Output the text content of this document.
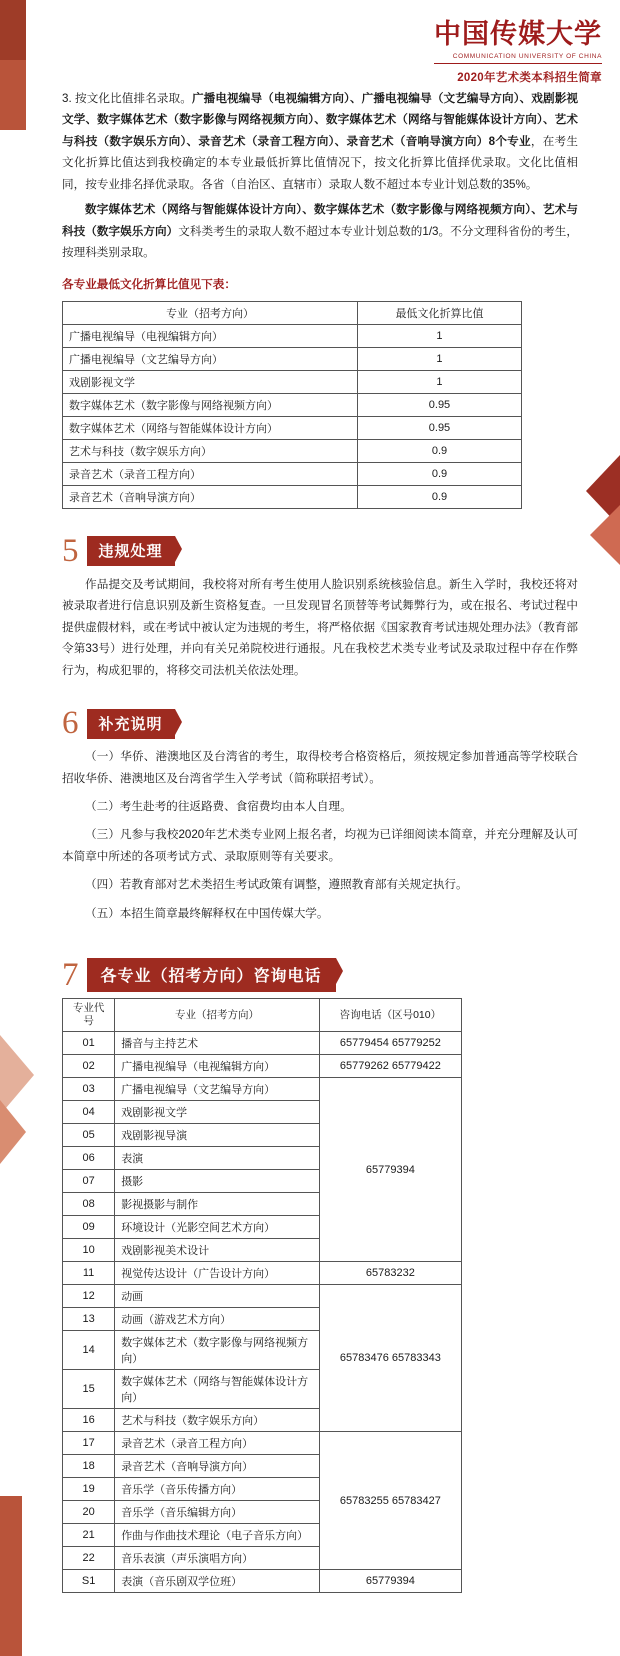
中国传媒大学
COMMUNICATION UNIVERSITY OF CHINA
2020年艺术类本科招生简章

3. 按文化比值排名录取。广播电视编导（电视编辑方向）、广播电视编导（文艺编导方向）、戏剧影视文学、数字媒体艺术（数字影像与网络视频方向）、数字媒体艺术（网络与智能媒体设计方向）、艺术与科技（数字娱乐方向）、录音艺术（录音工程方向）、录音艺术（音响导演方向）8个专业，在考生文化折算比值达到我校确定的本专业最低折算比值情况下，按文化折算比值择优录取。文化比值相同，按专业排名择优录取。各省（自治区、直辖市）录取人数不超过本专业计划总数的35%。

数字媒体艺术（网络与智能媒体设计方向）、数字媒体艺术（数字影像与网络视频方向）、艺术与科技（数字娱乐方向）文科类考生的录取人数不超过本专业计划总数的1/3。不分文理科省份的考生，按理科类别录取。

各专业最低文化折算比值见下表：

专业（招考方向）	最低文化折算比值
广播电视编导（电视编辑方向）	1
广播电视编导（文艺编导方向）	1
戏剧影视文学	1
数字媒体艺术（数字影像与网络视频方向）	0.95
数字媒体艺术（网络与智能媒体设计方向）	0.95
艺术与科技（数字娱乐方向）	0.9
录音艺术（录音工程方向）	0.9
录音艺术（音响导演方向）	0.9
5	违规处理

作品提交及考试期间，我校将对所有考生使用人脸识别系统核验信息。新生入学时，我校还将对被录取者进行信息识别及新生资格复查。一旦发现冒名顶替等考试舞弊行为，或在报名、考试过程中提供虚假材料，或在考试中被认定为违规的考生，将严格依据《国家教育考试违规处理办法》（教育部令第33号）进行处理，并向有关兄弟院校进行通报。凡在我校艺术类专业考试及录取过程中存在作弊行为，构成犯罪的，将移交司法机关依法处理。

6	补充说明

（一）华侨、港澳地区及台湾省的考生，取得校考合格资格后，须按规定参加普通高等学校联合招收华侨、港澳地区及台湾省学生入学考试（简称联招考试）。

（二）考生赴考的往返路费、食宿费均由本人自理。

（三）凡参与我校2020年艺术类专业网上报名者，均视为已详细阅读本简章，并充分理解及认可本简章中所述的各项考试方式、录取原则等有关要求。

（四）若教育部对艺术类招生考试政策有调整，遵照教育部有关规定执行。

（五）本招生简章最终解释权在中国传媒大学。

7	各专业（招考方向）咨询电话
专业代号	专业（招考方向）	咨询电话（区号010）
01	播音与主持艺术	65779454 65779252
02	广播电视编导（电视编辑方向）	65779262 65779422
03	广播电视编导（文艺编导方向）	65779394
04	戏剧影视文学	
05	戏剧影视导演	
06	表演	
07	摄影	
08	影视摄影与制作	
09	环境设计（光影空间艺术方向）	
10	戏剧影视美术设计	
11	视觉传达设计（广告设计方向）	65783232
12	动画	65783476 65783343
13	动画（游戏艺术方向）	
14	数字媒体艺术（数字影像与网络视频方向）	
15	数字媒体艺术（网络与智能媒体设计方向）	
16	艺术与科技（数字娱乐方向）	
17	录音艺术（录音工程方向）	65783255 65783427
18	录音艺术（音响导演方向）	
19	音乐学（音乐传播方向）	
20	音乐学（音乐编辑方向）	
21	作曲与作曲技术理论（电子音乐方向）	
22	音乐表演（声乐演唱方向）	
S1	表演（音乐剧双学位班）	65779394
